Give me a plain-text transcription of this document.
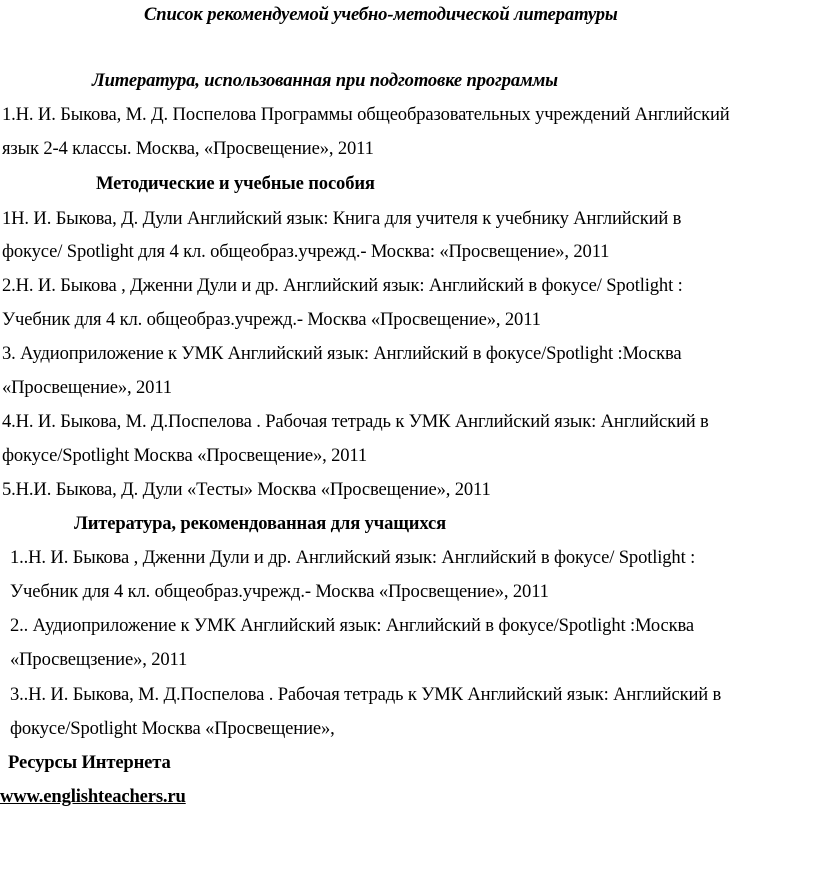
Список рекомендуемой учебно-методической литературы
Литература, использованная при подготовке программы
1.Н. И. Быкова, М. Д. Поспелова Программы общеобразовательных учреждений Английский
язык 2-4 классы. Москва, «Просвещение», 2011
Методические и учебные пособия
1Н. И. Быкова, Д. Дули Английский язык: Книга для учителя к учебнику Английский в
фокусе/ Spotlight для 4 кл. общеобраз.учрежд.- Москва: «Просвещение», 2011
2.Н. И. Быкова , Дженни Дули и др. Английский язык: Английский в фокусе/ Spotlight :
Учебник для 4 кл. общеобраз.учрежд.- Москва «Просвещение», 2011
3. Аудиоприложение к УМК Английский язык: Английский в фокусе/Spotlight :Москва
«Просвещение», 2011
4.Н. И. Быкова, М. Д.Поспелова . Рабочая тетрадь к УМК Английский язык: Английский в
фокусе/Spotlight Москва «Просвещение», 2011
5.Н.И. Быкова, Д. Дули «Тесты» Москва «Просвещение», 2011
Литература, рекомендованная для учащихся
1..Н. И. Быкова , Дженни Дули и др. Английский язык: Английский в фокусе/ Spotlight :
Учебник для 4 кл. общеобраз.учрежд.- Москва «Просвещение», 2011
2.. Аудиоприложение к УМК Английский язык: Английский в фокусе/Spotlight :Москва
«Просвещзение», 2011
3..Н. И. Быкова, М. Д.Поспелова . Рабочая тетрадь к УМК Английский язык: Английский в
фокусе/Spotlight Москва «Просвещение»,
Ресурсы Интернета
www.englishteachers.ru
